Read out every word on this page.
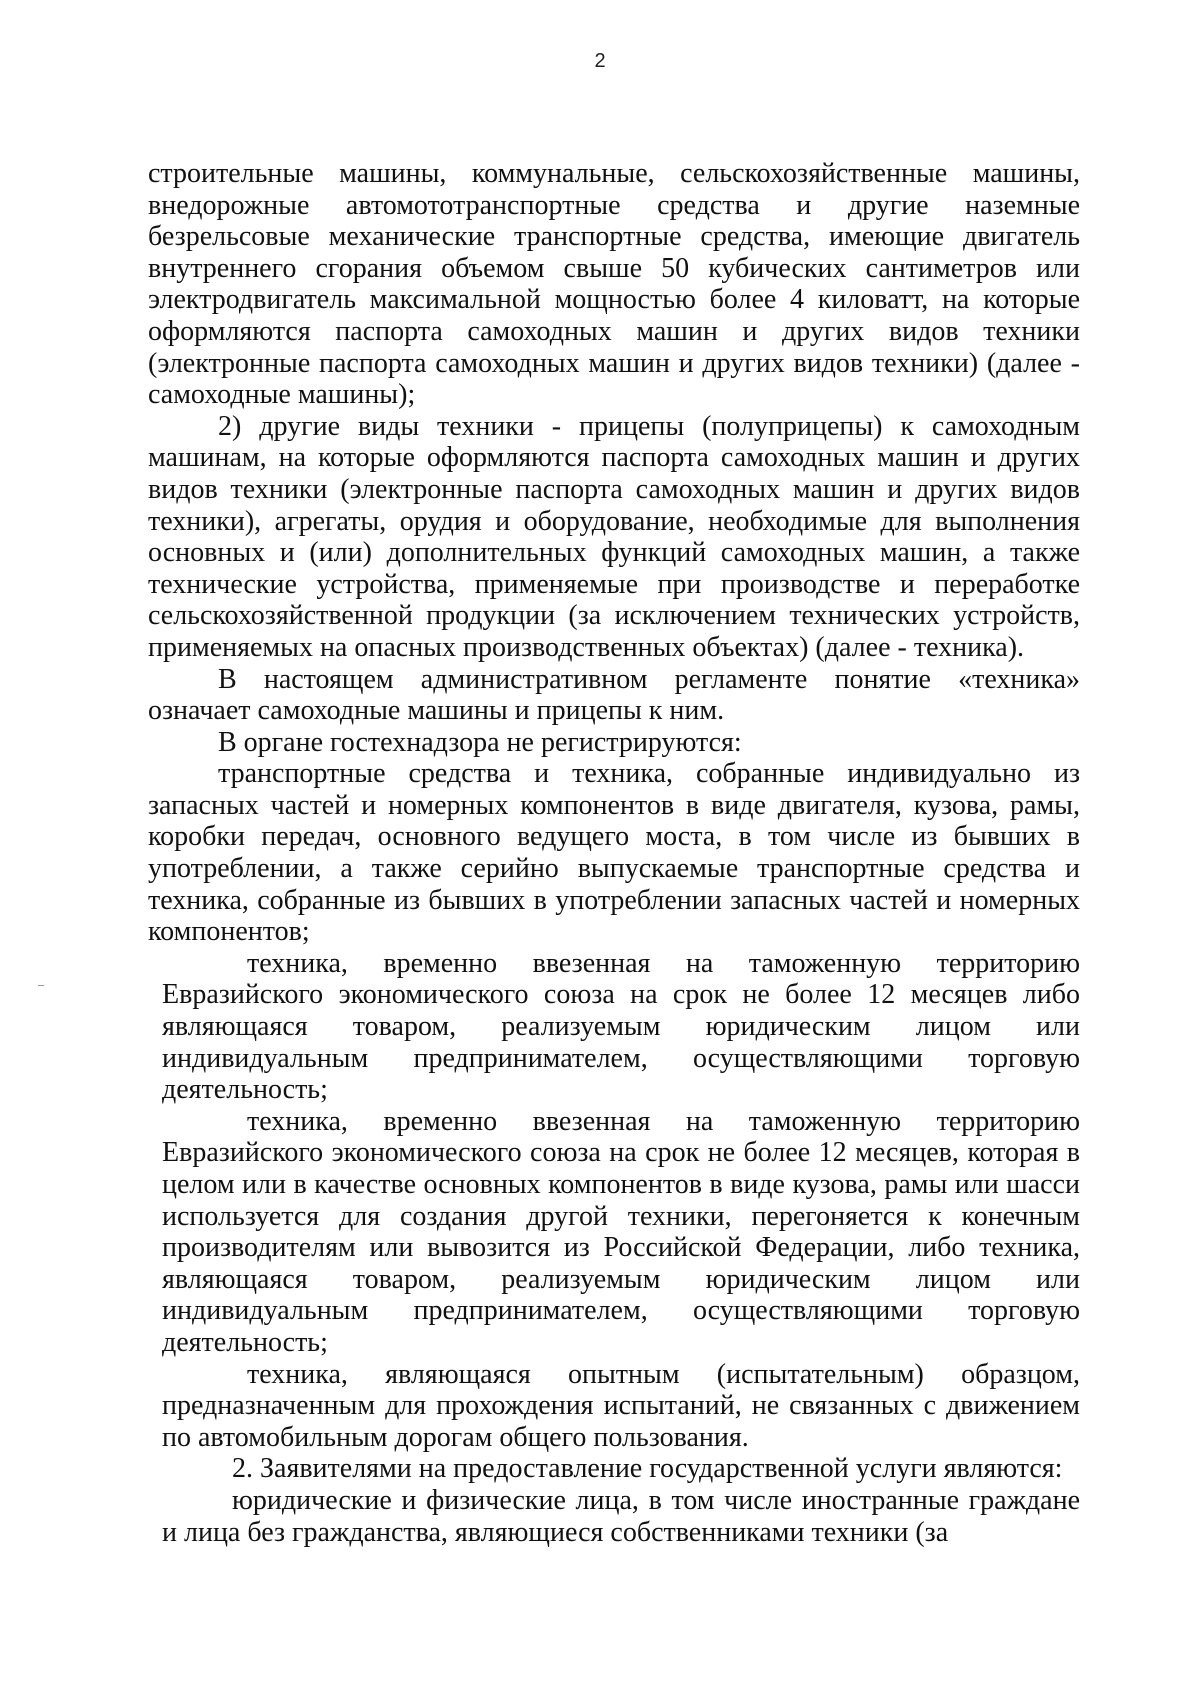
2

строительные машины, коммунальные, сельскохозяйственные машины, внедорожные автомототранспортные средства и другие наземные безрельсовые механические транспортные средства, имеющие двигатель внутреннего сгорания объемом свыше 50 кубических сантиметров или электродвигатель максимальной мощностью более 4 киловатт, на которые оформляются паспорта самоходных машин и других видов техники (электронные паспорта самоходных машин и других видов техники) (далее - самоходные машины);

2) другие виды техники - прицепы (полуприцепы) к самоходным машинам, на которые оформляются паспорта самоходных машин и других видов техники (электронные паспорта самоходных машин и других видов техники), агрегаты, орудия и оборудование, необходимые для выполнения основных и (или) дополнительных функций самоходных машин, а также технические устройства, применяемые при производстве и переработке сельскохозяйственной продукции (за исключением технических устройств, применяемых на опасных производственных объектах) (далее - техника).

В настоящем административном регламенте понятие «техника» означает самоходные машины и прицепы к ним.

В органе гостехнадзора не регистрируются:

транспортные средства и техника, собранные индивидуально из запасных частей и номерных компонентов в виде двигателя, кузова, рамы, коробки передач, основного ведущего моста, в том числе из бывших в употреблении, а также серийно выпускаемые транспортные средства и техника, собранные из бывших в употреблении запасных частей и номерных компонентов;

техника, временно ввезенная на таможенную территорию Евразийского экономического союза на срок не более 12 месяцев либо являющаяся товаром, реализуемым юридическим лицом или индивидуальным предпринимателем, осуществляющими торговую деятельность;

техника, временно ввезенная на таможенную территорию Евразийского экономического союза на срок не более 12 месяцев, которая в целом или в качестве основных компонентов в виде кузова, рамы или шасси используется для создания другой техники, перегоняется к конечным производителям или вывозится из Российской Федерации, либо техника, являющаяся товаром, реализуемым юридическим лицом или индивидуальным предпринимателем, осуществляющими торговую деятельность;

техника, являющаяся опытным (испытательным) образцом, предназначенным для прохождения испытаний, не связанных с движением по автомобильным дорогам общего пользования.

2. Заявителями на предоставление государственной услуги являются:

юридические и физические лица, в том числе иностранные граждане и лица без гражданства, являющиеся собственниками техники (за
